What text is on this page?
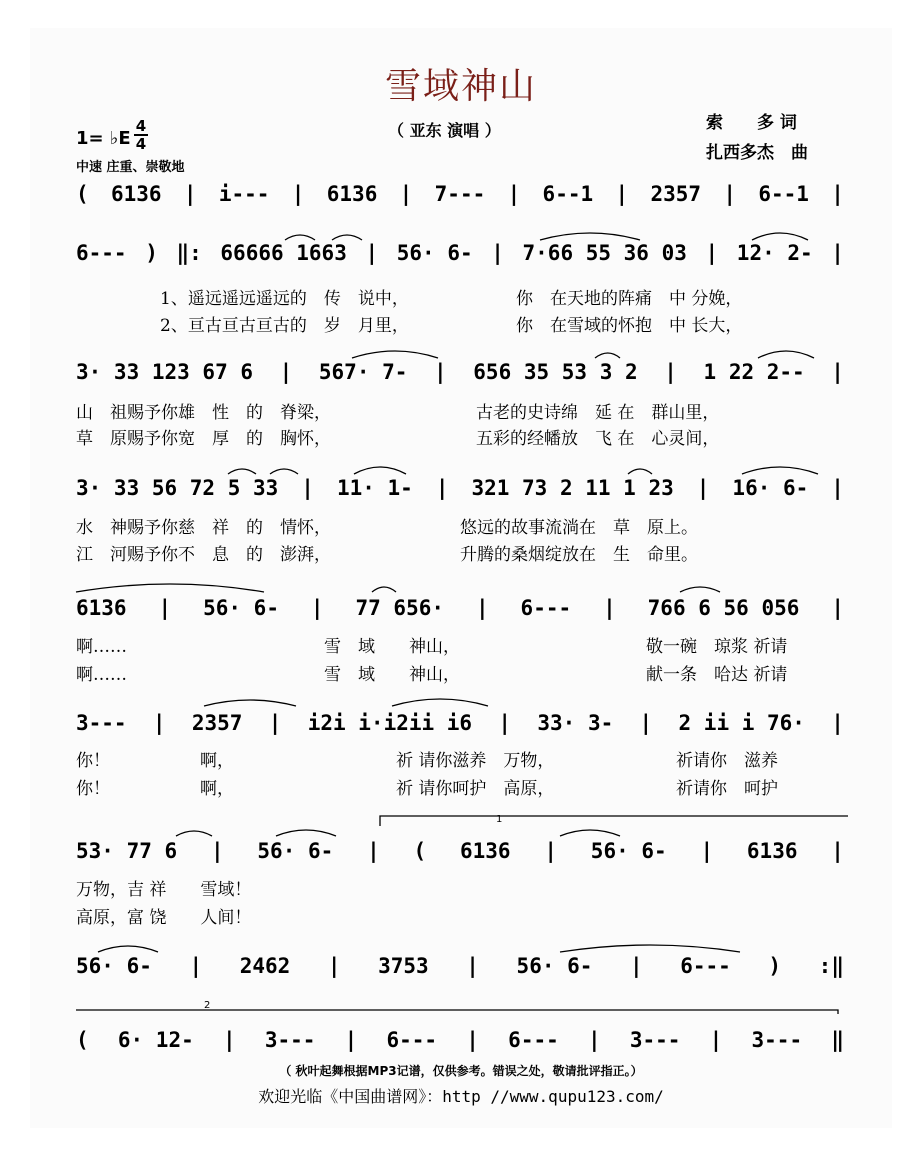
雪域神山
（ 亚东 演唱 ）	索　　多 词
扎西多杰　曲
1= ♭E
4
4
中速 庄重、崇敬地
( 6136 | i--- | 6136 | 7--- | 6--1 | 2357 | 6--1 |
6--- ) ‖: 66666 1663 | 56· 6- | 7·66 55 36 03 | 12· 2- |
3· 33 123 67 6 | 567· 7- | 656 35 53 3 2 | 1 22 2-- |
3· 33 56 72 5 33 | 11· 1- | 321 73 2 11 1 23 | 16· 6- |
6136 | 56· 6- | 77 656· | 6--- | 766 6 56 056 |
3--- | 2357 | i2i i·i2ii i6 | 33· 3- | 2 ii i 76· |
53· 77 6 | 56· 6- | ( 6136 | 56· 6- | 6136 |
56· 6- | 2462 | 3753 | 56· 6- | 6--- ) :‖
( 6· 12- | 3--- | 6--- | 6--- | 3--- | 3--- ‖
1、遥远遥远遥远的　传　说中，	你　在天地的阵痛　中 分娩，
2、亘古亘古亘古的　岁　月里，	你　在雪域的怀抱　中 长大，
山　祖赐予你雄　性　的　脊梁，	古老的史诗绵　延 在　群山里，
草　原赐予你宽　厚　的　胸怀，	五彩的经幡放　飞 在　心灵间，
水　神赐予你慈　祥　的　情怀，	悠远的故事流淌在　草　原上。
江　河赐予你不　息　的　澎湃，	升腾的桑烟绽放在　生　命里。
啊……	雪　域　　神山，	敬一碗　琼浆 祈请
啊……	雪　域　　神山，	献一条　哈达 祈请
你！	啊，	祈 请你滋养　万物，	祈请你　滋养
你！	啊，	祈 请你呵护　高原，	祈请你　呵护
万物，吉 祥　　雪域！
高原，富 饶　　人间！
1
2
（ 秋叶起舞根据MP3记谱，仅供参考。错误之处，敬请批评指正。）
欢迎光临《中国曲谱网》：http //www.qupu123.com/
